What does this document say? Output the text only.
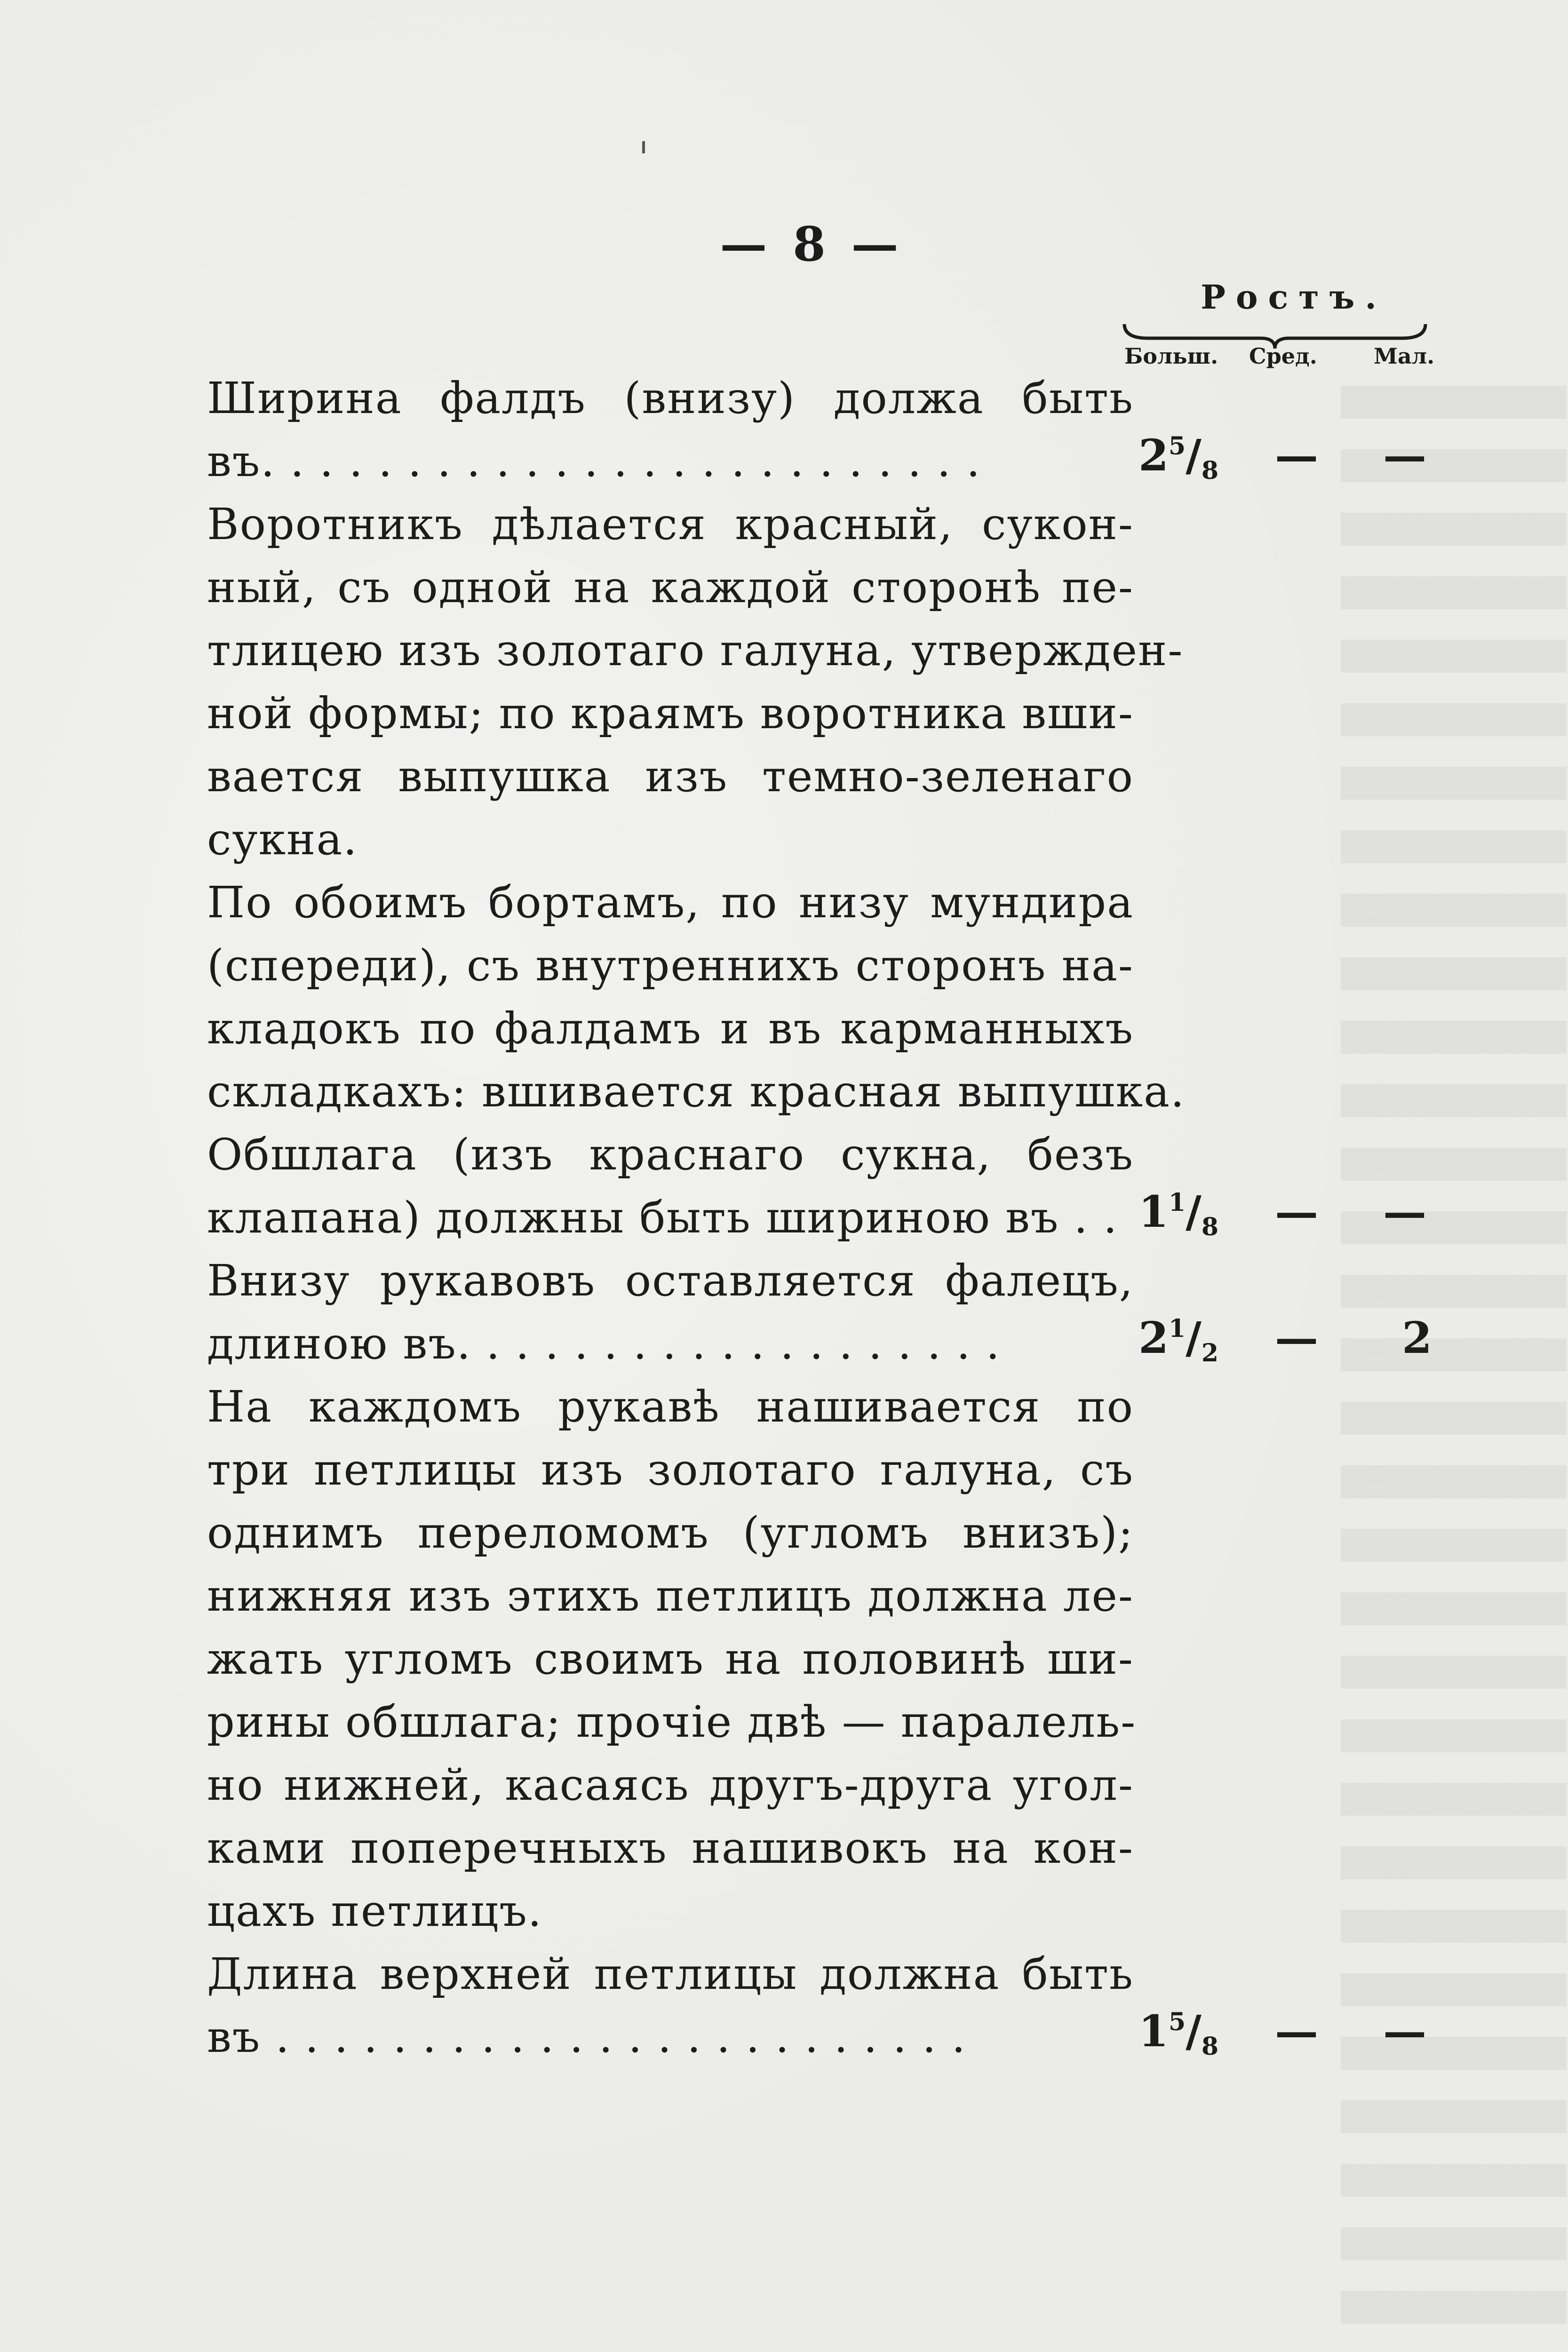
— 8 —
Ростъ.
Больш. Сред.	Мал.

Ширина фалдъ (внизу) должа быть

въ. . . . . . . . . . . . . . . . . . . . . . . . .

Воротникъ дѣлается красный, сукон-

ный, съ одной на каждой сторонѣ пе-

тлицею изъ золотаго галуна, утвержден-

ной формы; по краямъ воротника вши-

вается выпушка изъ темно-зеленаго

сукна.

По обоимъ бортамъ, по низу мундира

(спереди), съ внутреннихъ сторонъ на-

кладокъ по фалдамъ и въ карманныхъ

складкахъ: вшивается красная выпушка.

Обшлага (изъ краснаго сукна, безъ

клапана) должны быть шириною въ . .

Внизу рукавовъ оставляется фалецъ,

длиною въ. . . . . . . . . . . . . . . . . . .

На каждомъ рукавѣ нашивается по

три петлицы изъ золотаго галуна, съ

однимъ переломомъ (угломъ внизъ);

нижняя изъ этихъ петлицъ должна ле-

жать угломъ своимъ на половинѣ ши-

рины обшлага; прочіе двѣ — паралель-

но нижней, касаясь другъ-друга угол-

ками поперечныхъ нашивокъ на кон-

цахъ петлицъ.

Длина верхней петлицы должна быть

въ . . . . . . . . . . . . . . . . . . . . . . . .

$2^5/_8$ — —
$1^1/_8$ — —
$2^1/_2$ — 2
$1^5/_8$ — —
